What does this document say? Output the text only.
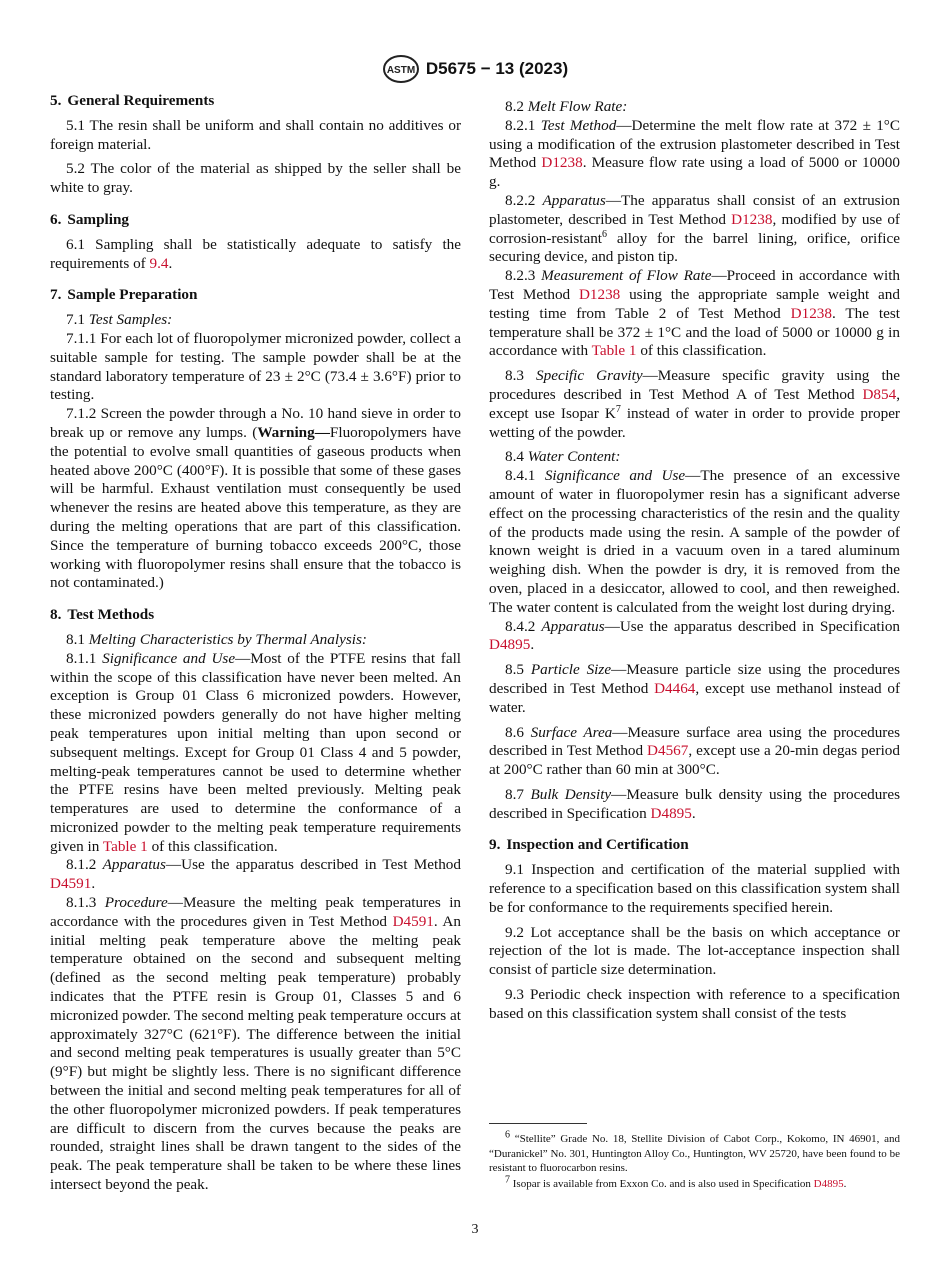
ASTM D5675 − 13 (2023)
5. General Requirements

5.1 The resin shall be uniform and shall contain no additives or foreign material.

5.2 The color of the material as shipped by the seller shall be white to gray.

6. Sampling

6.1 Sampling shall be statistically adequate to satisfy the requirements of 9.4.

7. Sample Preparation

7.1 Test Samples:

7.1.1 For each lot of fluoropolymer micronized powder, collect a suitable sample for testing. The sample powder shall be at the standard laboratory temperature of 23 ± 2°C (73.4 ± 3.6°F) prior to testing.

7.1.2 Screen the powder through a No. 10 hand sieve in order to break up or remove any lumps. (Warning—Fluoropolymers have the potential to evolve small quantities of gaseous products when heated above 200°C (400°F). It is possible that some of these gases will be harmful. Exhaust ventilation must consequently be used whenever the resins are heated above this temperature, as they are during the melting operations that are part of this classification. Since the temperature of burning tobacco exceeds 200°C, those working with fluoropolymer resins shall ensure that the tobacco is not contaminated.)

8. Test Methods

8.1 Melting Characteristics by Thermal Analysis:

8.1.1 Significance and Use—Most of the PTFE resins that fall within the scope of this classification have never been melted. An exception is Group 01 Class 6 micronized powders. However, these micronized powders generally do not have higher melting peak temperatures upon initial melting than upon second or subsequent meltings. Except for Group 01 Class 4 and 5 powder, melting-peak temperatures cannot be used to determine whether the PTFE resins have been melted previously. Melting peak temperatures are used to determine the conformance of a micronized powder to the melting peak temperature requirements given in Table 1 of this classification.

8.1.2 Apparatus—Use the apparatus described in Test Method D4591.

8.1.3 Procedure—Measure the melting peak temperatures in accordance with the procedures given in Test Method D4591. An initial melting peak temperature above the melting peak temperature obtained on the second and subsequent melting (defined as the second melting peak temperature) probably indicates that the PTFE resin is Group 01, Classes 5 and 6 micronized powder. The second melting peak temperature occurs at approximately 327°C (621°F). The difference between the initial and second melting peak temperatures is usually greater than 5°C (9°F) but might be slightly less. There is no significant difference between the initial and second melting peak temperatures for all of the other fluoropolymer micronized powders. If peak temperatures are difficult to discern from the curves because the peaks are rounded, straight lines shall be drawn tangent to the sides of the peak. The peak temperature shall be taken to be where these lines intersect beyond the peak.

8.2 Melt Flow Rate:

8.2.1 Test Method—Determine the melt flow rate at 372 ± 1°C using a modification of the extrusion plastometer described in Test Method D1238. Measure flow rate using a load of 5000 or 10000 g.

8.2.2 Apparatus—The apparatus shall consist of an extrusion plastometer, described in Test Method D1238, modified by use of corrosion-resistant$^6$ alloy for the barrel lining, orifice, orifice securing device, and piston tip.

8.2.3 Measurement of Flow Rate—Proceed in accordance with Test Method D1238 using the appropriate sample weight and testing time from Table 2 of Test Method D1238. The test temperature shall be 372 ± 1°C and the load of 5000 or 10000 g in accordance with Table 1 of this classification.

8.3 Specific Gravity—Measure specific gravity using the procedures described in Test Method A of Test Method D854, except use Isopar $K^7$ instead of water in order to provide proper wetting of the powder.

8.4 Water Content:

8.4.1 Significance and Use—The presence of an excessive amount of water in fluoropolymer resin has a significant adverse effect on the processing characteristics of the resin and the quality of the products made using the resin. A sample of the powder of known weight is dried in a vacuum oven in a tared aluminum weighing dish. When the powder is dry, it is removed from the oven, placed in a desiccator, allowed to cool, and then reweighed. The water content is calculated from the weight lost during drying.

8.4.2 Apparatus—Use the apparatus described in Specification D4895.

8.5 Particle Size—Measure particle size using the procedures described in Test Method D4464, except use methanol instead of water.

8.6 Surface Area—Measure surface area using the procedures described in Test Method D4567, except use a 20-min degas period at 200°C rather than 60 min at 300°C.

8.7 Bulk Density—Measure bulk density using the procedures described in Specification D4895.

9. Inspection and Certification

9.1 Inspection and certification of the material supplied with reference to a specification based on this classification system shall be for conformance to the requirements specified herein.

9.2 Lot acceptance shall be the basis on which acceptance or rejection of the lot is made. The lot-acceptance inspection shall consist of particle size determination.

9.3 Periodic check inspection with reference to a specification based on this classification system shall consist of the tests

$^6$ “Stellite” Grade No. 18, Stellite Division of Cabot Corp., Kokomo, IN 46901, and “Duranickel” No. 301, Huntington Alloy Co., Huntington, WV 25720, have been found to be resistant to fluorocarbon resins.
$^7$ Isopar is available from Exxon Co. and is also used in Specification D4895.
3
